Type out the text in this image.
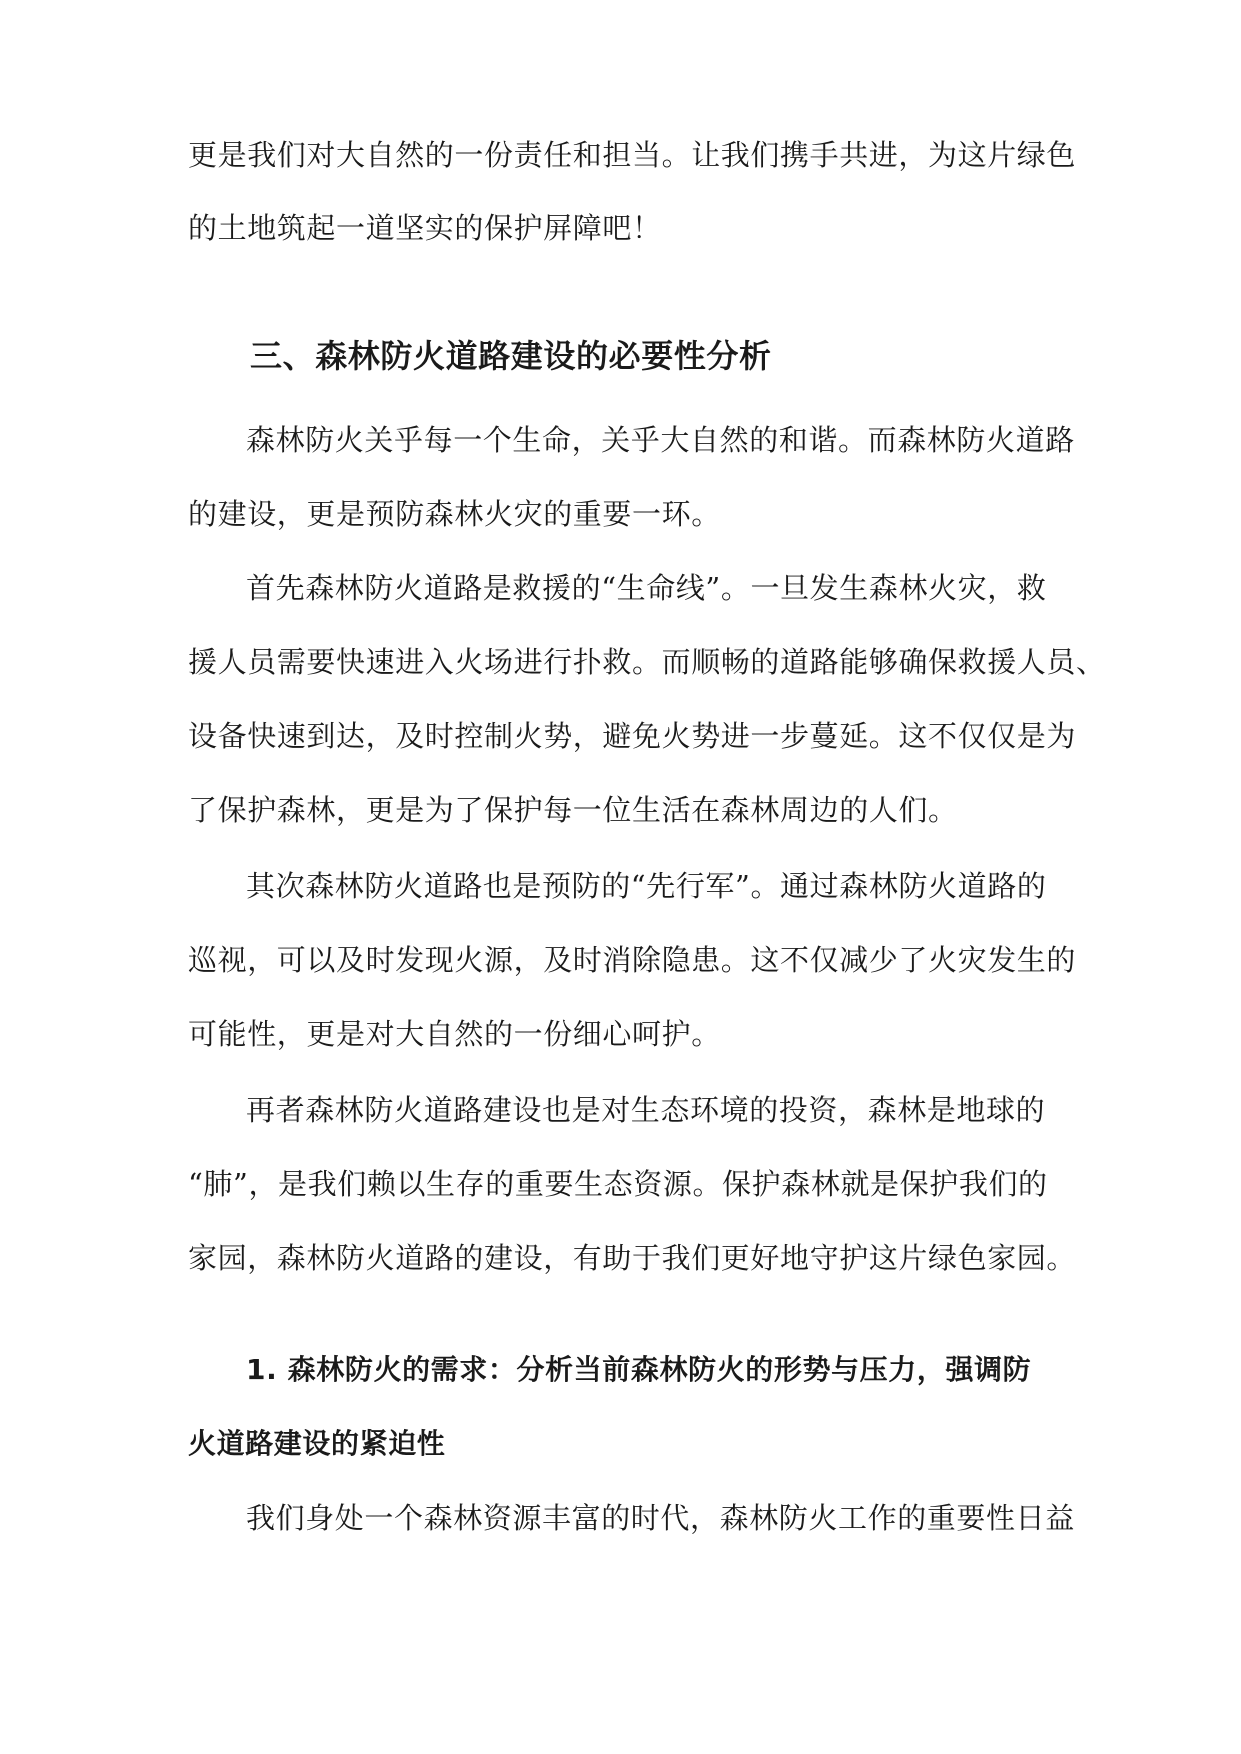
更是我们对大自然的一份责任和担当。让我们携手共进，为这片绿色
的土地筑起一道坚实的保护屏障吧！
三、森林防火道路建设的必要性分析
森林防火关乎每一个生命，关乎大自然的和谐。而森林防火道路
的建设，更是预防森林火灾的重要一环。
首先森林防火道路是救援的“生命线”。一旦发生森林火灾，救
援人员需要快速进入火场进行扑救。而顺畅的道路能够确保救援人员、
设备快速到达，及时控制火势，避免火势进一步蔓延。这不仅仅是为
了保护森林，更是为了保护每一位生活在森林周边的人们。
其次森林防火道路也是预防的“先行军”。通过森林防火道路的
巡视，可以及时发现火源，及时消除隐患。这不仅减少了火灾发生的
可能性，更是对大自然的一份细心呵护。
再者森林防火道路建设也是对生态环境的投资，森林是地球的
“肺”，是我们赖以生存的重要生态资源。保护森林就是保护我们的
家园，森林防火道路的建设，有助于我们更好地守护这片绿色家园。
1. 森林防火的需求：分析当前森林防火的形势与压力，强调防
火道路建设的紧迫性
我们身处一个森林资源丰富的时代，森林防火工作的重要性日益
